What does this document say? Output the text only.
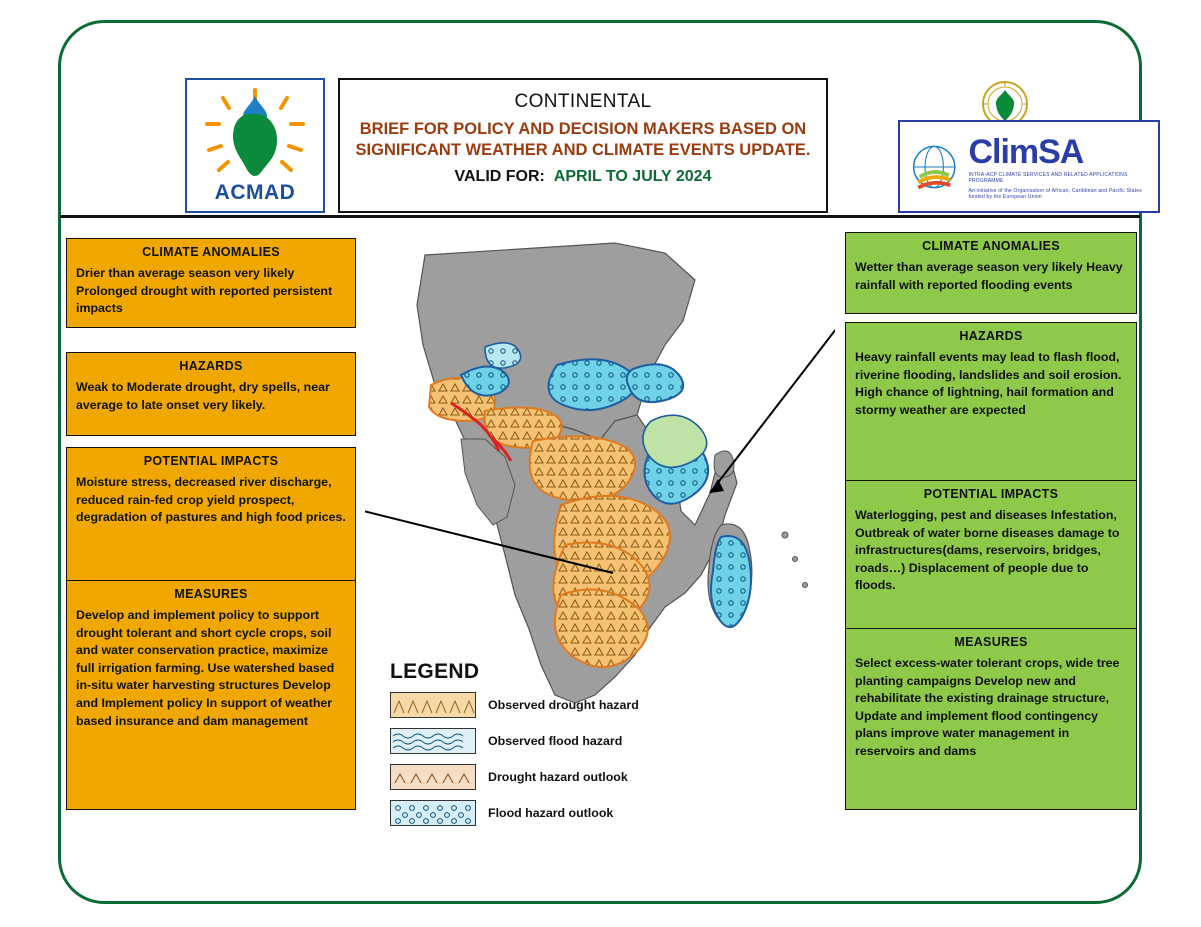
ACMAD
CONTINENTAL
BRIEF FOR POLICY AND DECISION MAKERS BASED ON SIGNIFICANT WEATHER AND CLIMATE EVENTS UPDATE.
VALID FOR: APRIL TO JULY 2024
ClimSA
INTRA-ACP CLIMATE SERVICES AND RELATED APPLICATIONS PROGRAMME
An initiative of the Organisation of African, Caribbean and Pacific States funded by the European Union
CLIMATE ANOMALIES

Drier than average season very likely Prolonged drought with reported persistent impacts

HAZARDS

Weak to Moderate drought, dry spells, near average to late onset very likely.

POTENTIAL IMPACTS

Moisture stress, decreased river discharge, reduced rain-fed crop yield prospect, degradation of pastures and high food prices.

MEASURES

Develop and implement policy to support drought tolerant and short cycle crops, soil and water conservation practice, maximize full irrigation farming. Use watershed based in-situ water harvesting structures Develop and Implement policy In support of weather based insurance and dam management

CLIMATE ANOMALIES

Wetter than average season very likely Heavy rainfall with reported flooding events

HAZARDS

Heavy rainfall events may lead to flash flood, riverine flooding, landslides and soil erosion. High chance of lightning, hail formation and stormy weather are expected

POTENTIAL IMPACTS

Waterlogging, pest and diseases Infestation, Outbreak of water borne diseases damage to infrastructures(dams, reservoirs, bridges, roads…) Displacement of people due to floods.

MEASURES

Select excess-water tolerant crops, wide tree planting campaigns Develop new and rehabilitate the existing drainage structure, Update and implement flood contingency plans improve water management in reservoirs and dams

LEGEND
Observed drought hazard
Observed flood hazard
Drought hazard outlook
Flood hazard outlook
